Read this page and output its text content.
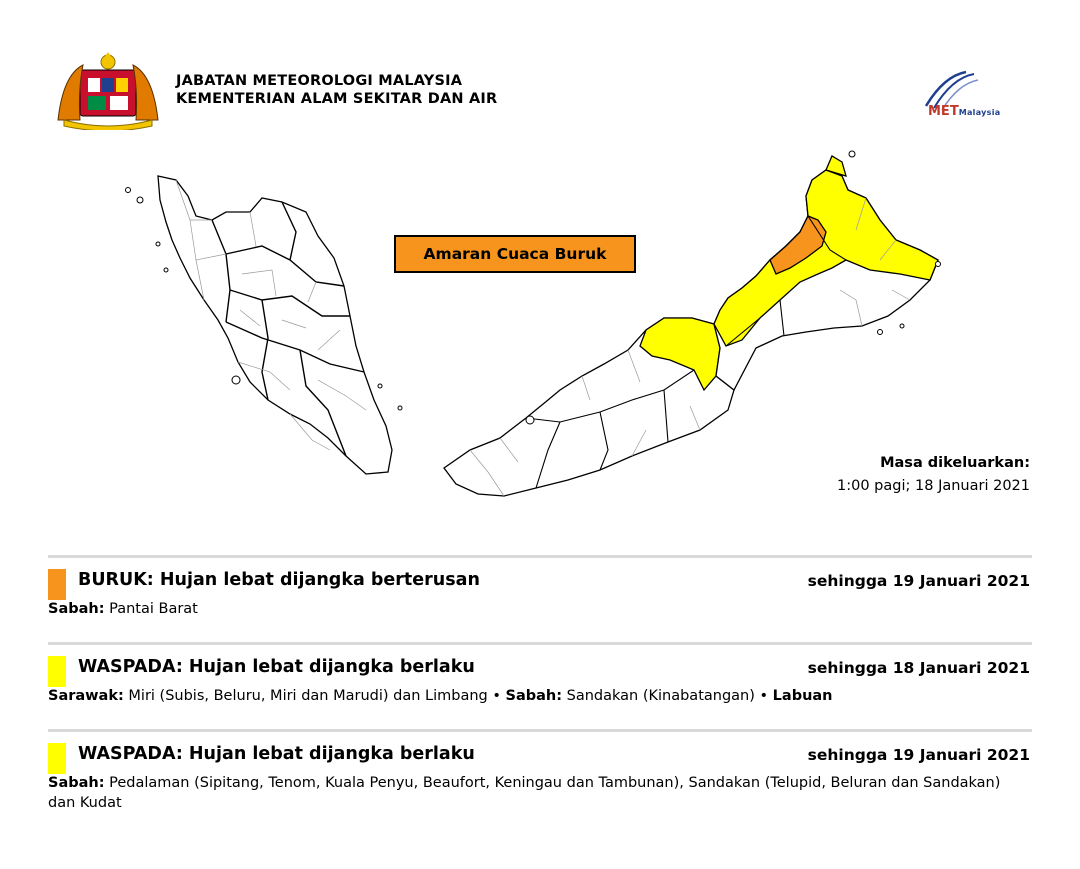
JABATAN METEOROLOGI MALAYSIA
KEMENTERIAN ALAM SEKITAR DAN AIR
METMalaysia
Amaran Cuaca Buruk
Masa dikeluarkan:
1:00 pagi; 18 Januari 2021
BURUK: Hujan lebat dijangka berterusan	sehingga 19 Januari 2021
Sabah: Pantai Barat
WASPADA: Hujan lebat dijangka berlaku	sehingga 18 Januari 2021
Sarawak: Miri (Subis, Beluru, Miri dan Marudi) dan Limbang • Sabah: Sandakan (Kinabatangan) • Labuan
WASPADA: Hujan lebat dijangka berlaku	sehingga 19 Januari 2021
Sabah: Pedalaman (Sipitang, Tenom, Kuala Penyu, Beaufort, Keningau dan Tambunan), Sandakan (Telupid, Beluran dan Sandakan) dan Kudat
